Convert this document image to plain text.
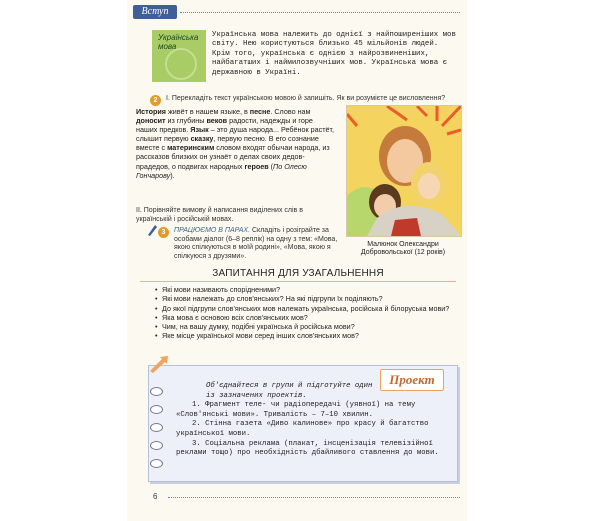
Вступ
Українська мова
Українська мова належить до однієї з найпоширеніших мов світу. Нею користуються близько 45 мільйонів людей. Крім того, українська є однією з найрозвиненіших, найбагатших і наймилозвучніших мов. Українська мова є державною в Україні.
2	I. Перекладіть текст українською мовою й запишіть. Як ви розумієте це висловлення?
История живёт в нашем языке, в песне. Слово нам доносит из глубины веков радости, надежды и горе наших предков. Язык – это душа народа... Ребёнок растёт, слышит первую сказку, первую песню. В его сознание вместе с материнским словом входят обычаи народа, из рассказов близких он узнаёт о делах своих дедов-прадедов, о подвигах народных героев (По Олесю Гончарову).
II. Порівняйте вимову й написання виділених слів в українській і російській мовах.
3	ПРАЦЮЄМО В ПАРАХ. Складіть і розіграйте за особами діалог (6–8 реплік) на одну з тем: «Мова, якою спілкуються в моїй родині», «Мова, якою я спілкуюся з друзями».
Малюнок Олександри
Добровольської (12 років)
ЗАПИТАННЯ ДЛЯ УЗАГАЛЬНЕННЯ
• Які мови називають спорідненими?
• Які мови належать до слов'янських? На які підгрупи їх поділяють?
• До якої підгрупи слов'янських мов належать українська, російська й білоруська мови?
• Яка мова є основою всіх слов'янських мов?
• Чим, на вашу думку, подібні українська й російська мови?
• Яке місце української мови серед інших слов'янських мов?
Проект
Об'єднайтеся в групи й підготуйте один із зазначених проектів.
1. Фрагмент теле- чи радіопередачі (уявної) на тему «Слов'янські мови». Тривалість – 7–10 хвилин.
2. Стінна газета «Диво калинове» про красу й багатство української мови.
3. Соціальна реклама (плакат, інсценізація телевізійної реклами тощо) про необхідність дбайливого ставлення до мови.
6
